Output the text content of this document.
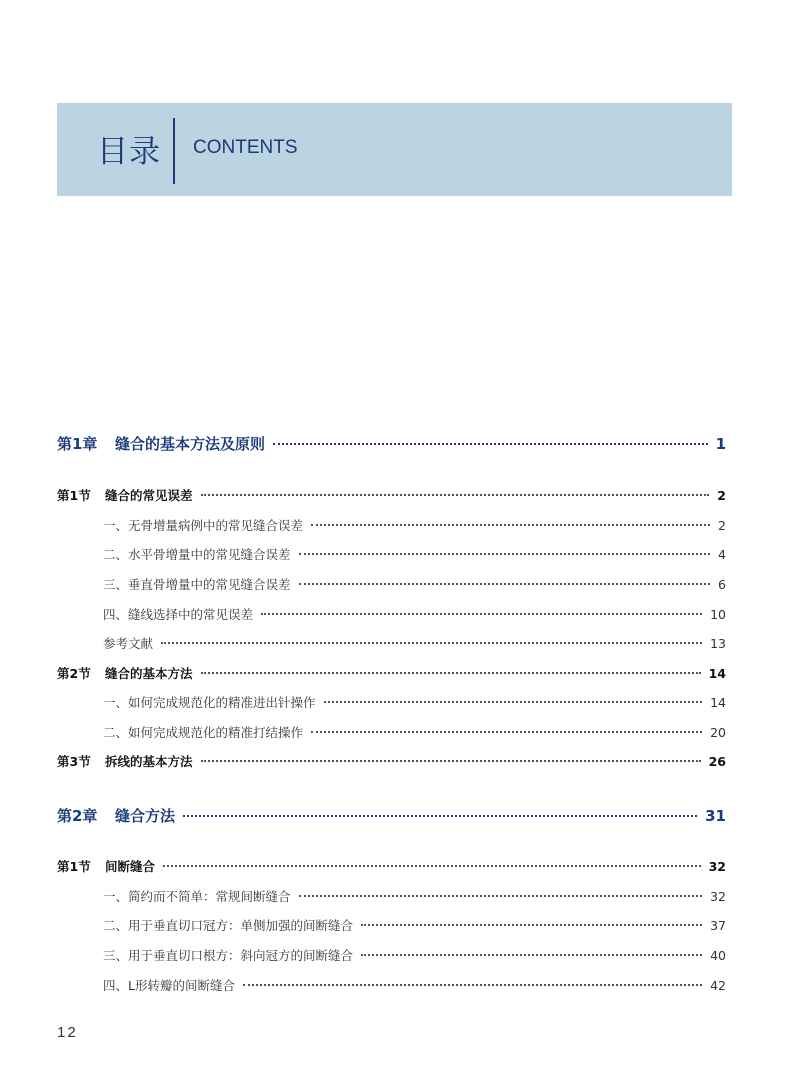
目录 CONTENTS
第1章	缝合的基本方法及原则	1
第1节	缝合的常见误差	2
一、无骨增量病例中的常见缝合误差	2
二、水平骨增量中的常见缝合误差	4
三、垂直骨增量中的常见缝合误差	6
四、缝线选择中的常见误差	10
参考文献	13
第2节	缝合的基本方法	14
一、如何完成规范化的精准进出针操作	14
二、如何完成规范化的精准打结操作	20
第3节	拆线的基本方法	26
第2章	缝合方法	31
第1节	间断缝合	32
一、简约而不简单：常规间断缝合	32
二、用于垂直切口冠方：单侧加强的间断缝合	37
三、用于垂直切口根方：斜向冠方的间断缝合	40
四、L形转瓣的间断缝合	42
12
